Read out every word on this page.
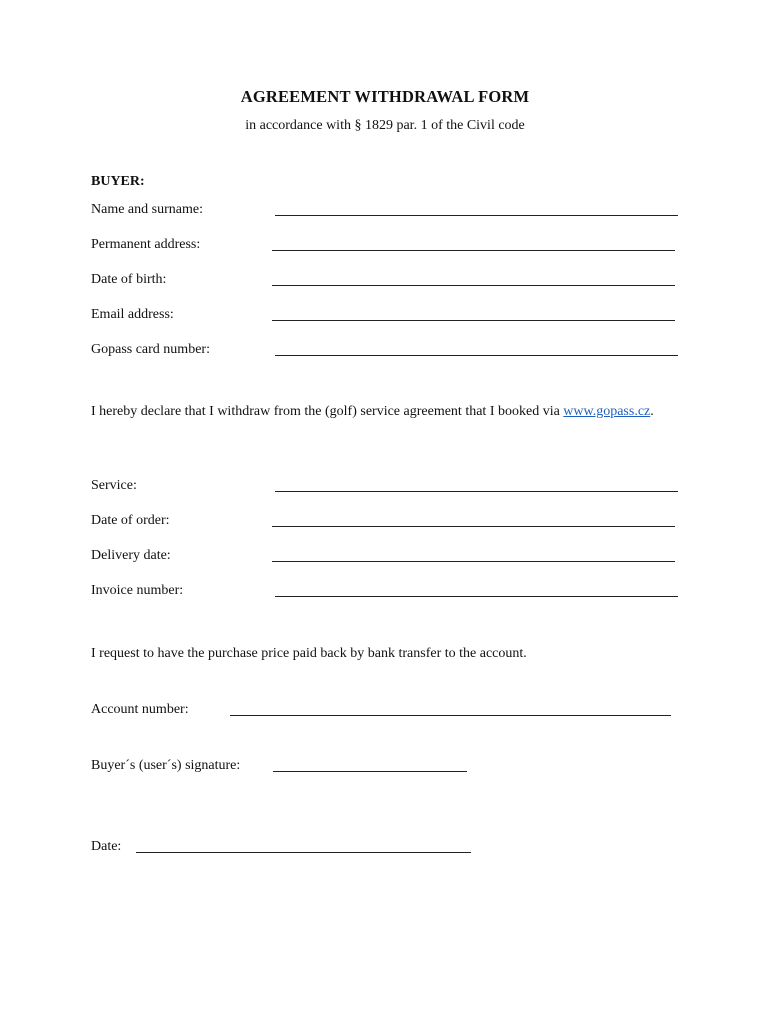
AGREEMENT WITHDRAWAL FORM
in accordance with § 1829 par. 1 of the Civil code
BUYER:
Name and surname:
Permanent address:
Date of birth:
Email address:
Gopass card number:
I hereby declare that I withdraw from the (golf) service agreement that I booked via www.gopass.cz.
Service:
Date of order:
Delivery date:
Invoice number:
I request to have the purchase price paid back by bank transfer to the account.
Account number:
Buyer´s (user´s) signature:
Date:
